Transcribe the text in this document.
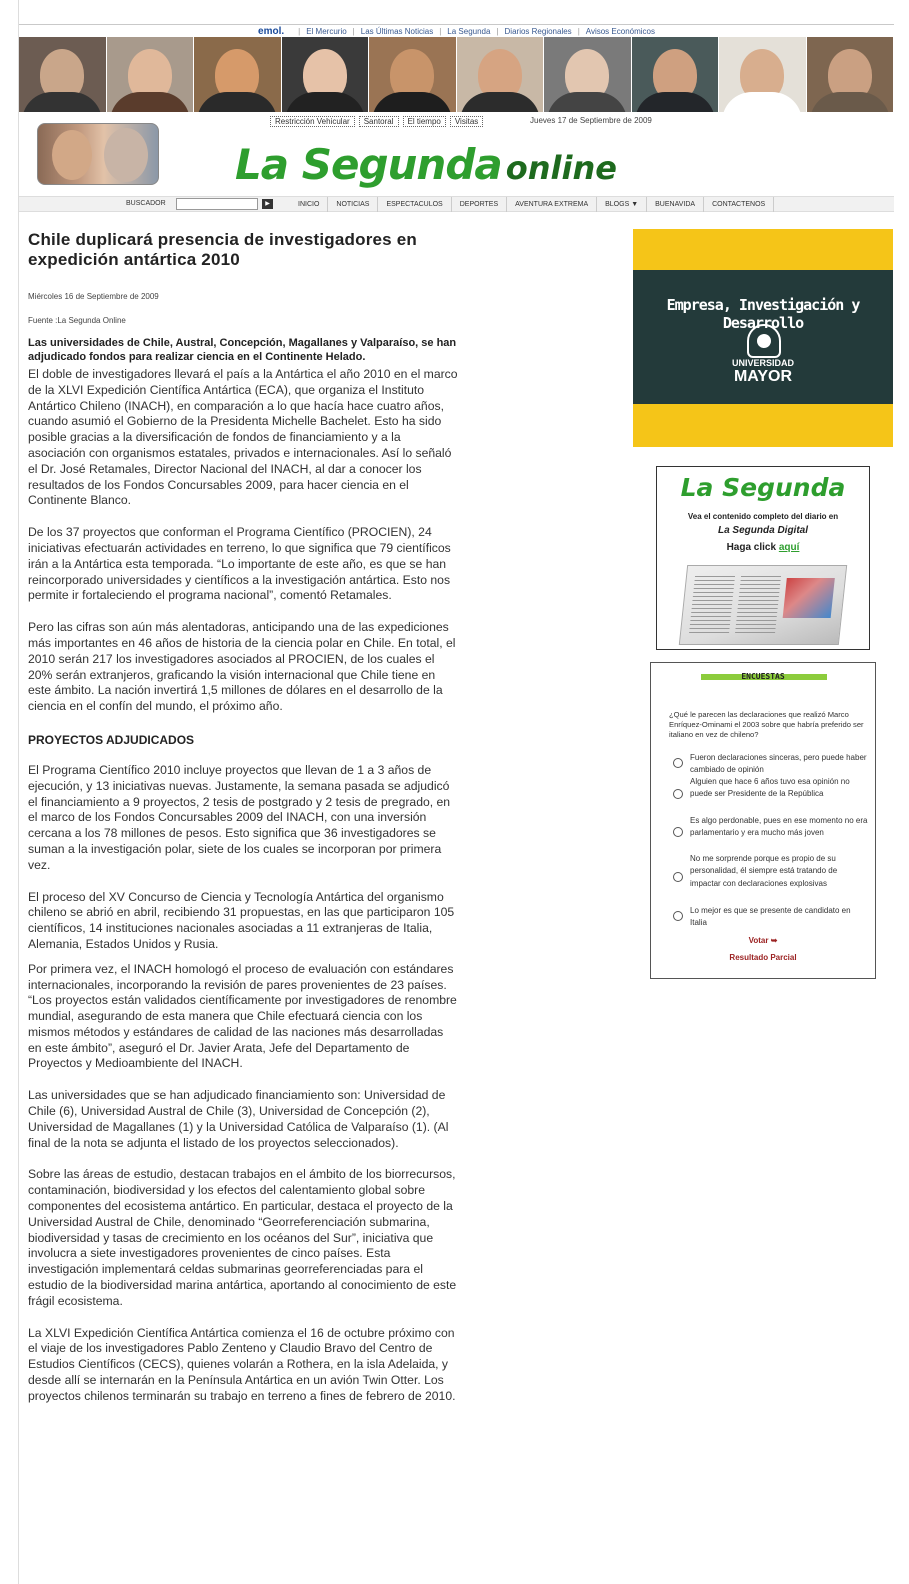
emol. | El Mercurio | Las Últimas Noticias | La Segunda | Diarios Regionales | Avisos Económicos
Restricción Vehicular	Santoral	El tiempo	Visitas	Jueves 17 de Septiembre de 2009
La Segunda online
BUSCADOR	▶	INICIO	NOTICIAS	ESPECTACULOS	DEPORTES	AVENTURA EXTREMA	BLOGS ▼	BUENAVIDA	CONTACTENOS
Chile duplicará presencia de investigadores en expedición antártica 2010
Miércoles 16 de Septiembre de 2009
Fuente :La Segunda Online

Las universidades de Chile, Austral, Concepción, Magallanes y Valparaíso, se han adjudicado fondos para realizar ciencia en el Continente Helado.

El doble de investigadores llevará el país a la Antártica el año 2010 en el marco de la XLVI Expedición Científica Antártica (ECA), que organiza el Instituto Antártico Chileno (INACH), en comparación a lo que hacía hace cuatro años, cuando asumió el Gobierno de la Presidenta Michelle Bachelet. Esto ha sido posible gracias a la diversificación de fondos de financiamiento y a la asociación con organismos estatales, privados e internacionales. Así lo señaló el Dr. José Retamales, Director Nacional del INACH, al dar a conocer los resultados de los Fondos Concursables 2009, para hacer ciencia en el Continente Blanco.

De los 37 proyectos que conforman el Programa Científico (PROCIEN), 24 iniciativas efectuarán actividades en terreno, lo que significa que 79 científicos irán a la Antártica esta temporada. “Lo importante de este año, es que se han reincorporado universidades y científicos a la investigación antártica. Esto nos permite ir fortaleciendo el programa nacional”, comentó Retamales.

Pero las cifras son aún más alentadoras, anticipando una de las expediciones más importantes en 46 años de historia de la ciencia polar en Chile. En total, el 2010 serán 217 los investigadores asociados al PROCIEN, de los cuales el 20% serán extranjeros, graficando la visión internacional que Chile tiene en este ámbito. La nación invertirá 1,5 millones de dólares en el desarrollo de la ciencia en el confín del mundo, el próximo año.

PROYECTOS ADJUDICADOS

El Programa Científico 2010 incluye proyectos que llevan de 1 a 3 años de ejecución, y 13 iniciativas nuevas. Justamente, la semana pasada se adjudicó el financiamiento a 9 proyectos, 2 tesis de postgrado y 2 tesis de pregrado, en el marco de los Fondos Concursables 2009 del INACH, con una inversión cercana a los 78 millones de pesos. Esto significa que 36 investigadores se suman a la investigación polar, siete de los cuales se incorporan por primera vez.

El proceso del XV Concurso de Ciencia y Tecnología Antártica del organismo chileno se abrió en abril, recibiendo 31 propuestas, en las que participaron 105 científicos, 14 instituciones nacionales asociadas a 11 extranjeras de Italia, Alemania, Estados Unidos y Rusia.

Por primera vez, el INACH homologó el proceso de evaluación con estándares internacionales, incorporando la revisión de pares provenientes de 23 países. “Los proyectos están validados científicamente por investigadores de renombre mundial, asegurando de esta manera que Chile efectuará ciencia con los mismos métodos y estándares de calidad de las naciones más desarrolladas en este ámbito”, aseguró el Dr. Javier Arata, Jefe del Departamento de Proyectos y Medioambiente del INACH.

Las universidades que se han adjudicado financiamiento son: Universidad de Chile (6), Universidad Austral de Chile (3), Universidad de Concepción (2), Universidad de Magallanes (1) y la Universidad Católica de Valparaíso (1). (Al final de la nota se adjunta el listado de los proyectos seleccionados).

Sobre las áreas de estudio, destacan trabajos en el ámbito de los biorrecursos, contaminación, biodiversidad y los efectos del calentamiento global sobre componentes del ecosistema antártico. En particular, destaca el proyecto de la Universidad Austral de Chile, denominado “Georreferenciación submarina, biodiversidad y tasas de crecimiento en los océanos del Sur”, iniciativa que involucra a siete investigadores provenientes de cinco países. Esta investigación implementará celdas submarinas georreferenciadas para el estudio de la biodiversidad marina antártica, aportando al conocimiento de este frágil ecosistema.

La XLVI Expedición Científica Antártica comienza el 16 de octubre próximo con el viaje de los investigadores Pablo Zenteno y Claudio Bravo del Centro de Estudios Científicos (CECS), quienes volarán a Rothera, en la isla Adelaida, y desde allí se internarán en la Península Antártica en un avión Twin Otter. Los proyectos chilenos terminarán su trabajo en terreno a fines de febrero de 2010.

Empresa, Investigación y Desarrollo
UNIVERSIDAD
MAYOR
La Segunda
Vea el contenido completo del diario en
La Segunda Digital
Haga click aquí
ENCUESTAS
¿Qué le parecen las declaraciones que realizó Marco Enríquez-Ominami el 2003 sobre que habría preferido ser italiano en vez de chileno?
Fueron declaraciones sinceras, pero puede haber cambiado de opinión
Alguien que hace 6 años tuvo esa opinión no puede ser Presidente de la República
Es algo perdonable, pues en ese momento no era parlamentario y era mucho más joven
No me sorprende porque es propio de su personalidad, él siempre está tratando de impactar con declaraciones explosivas
Lo mejor es que se presente de candidato en Italia
Votar ➥
Resultado Parcial
